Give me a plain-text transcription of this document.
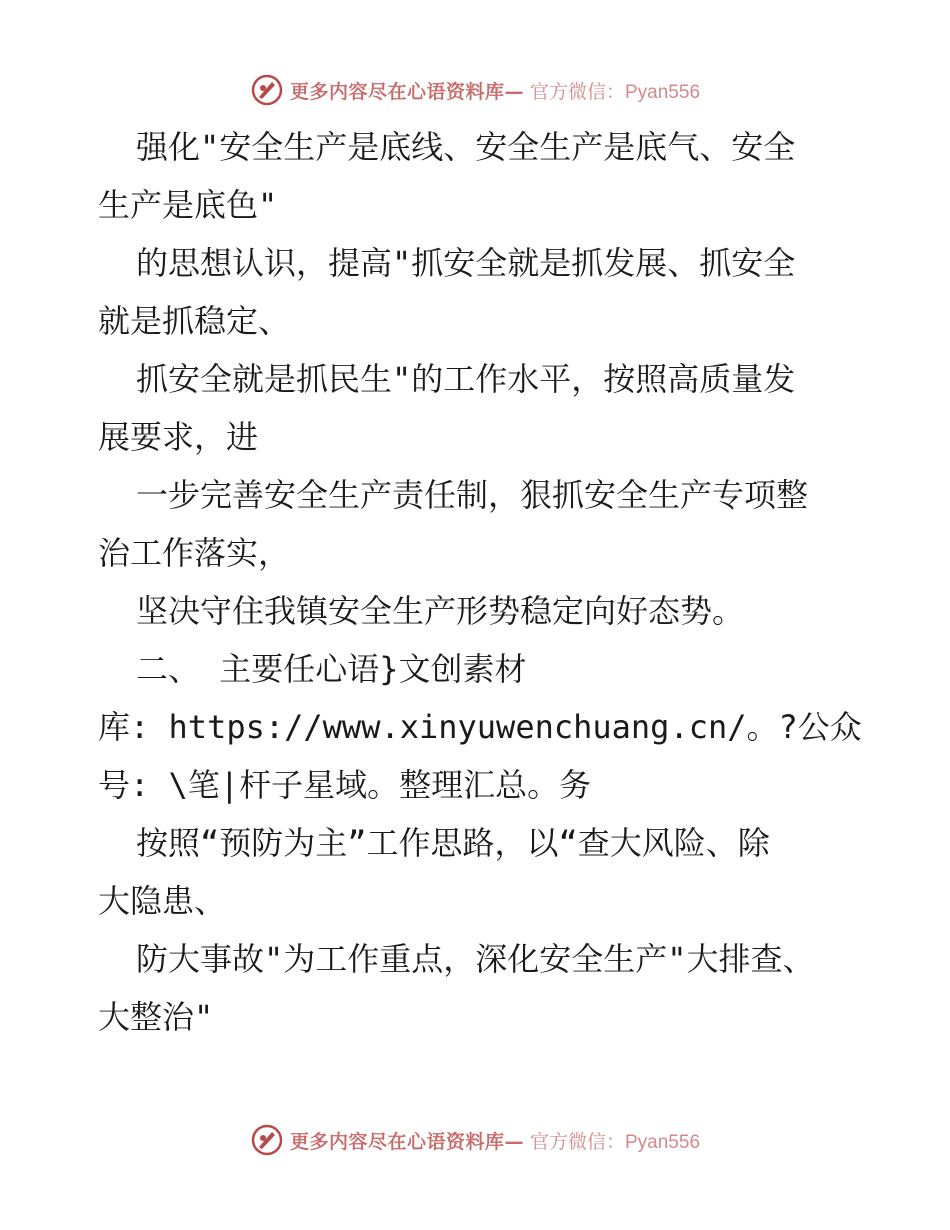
更多内容尽在心语资料库— 官方微信：Pyan556
强化"安全生产是底线、安全生产是底气、安全
生产是底色"
的思想认识，提高"抓安全就是抓发展、抓安全
就是抓稳定、
抓安全就是抓民生"的工作水平，按照高质量发
展要求，进
一步完善安全生产责任制，狠抓安全生产专项整
治工作落实，
坚决守住我镇安全生产形势稳定向好态势。
二、 主要任心语}文创素材
库: https://www.xinyuwenchuang.cn/。?公众
号: \笔|杆子星域。整理汇总。务
按照“预防为主”工作思路，以“查大风险、除
大隐患、
防大事故"为工作重点，深化安全生产"大排查、
大整治"
更多内容尽在心语资料库— 官方微信：Pyan556
